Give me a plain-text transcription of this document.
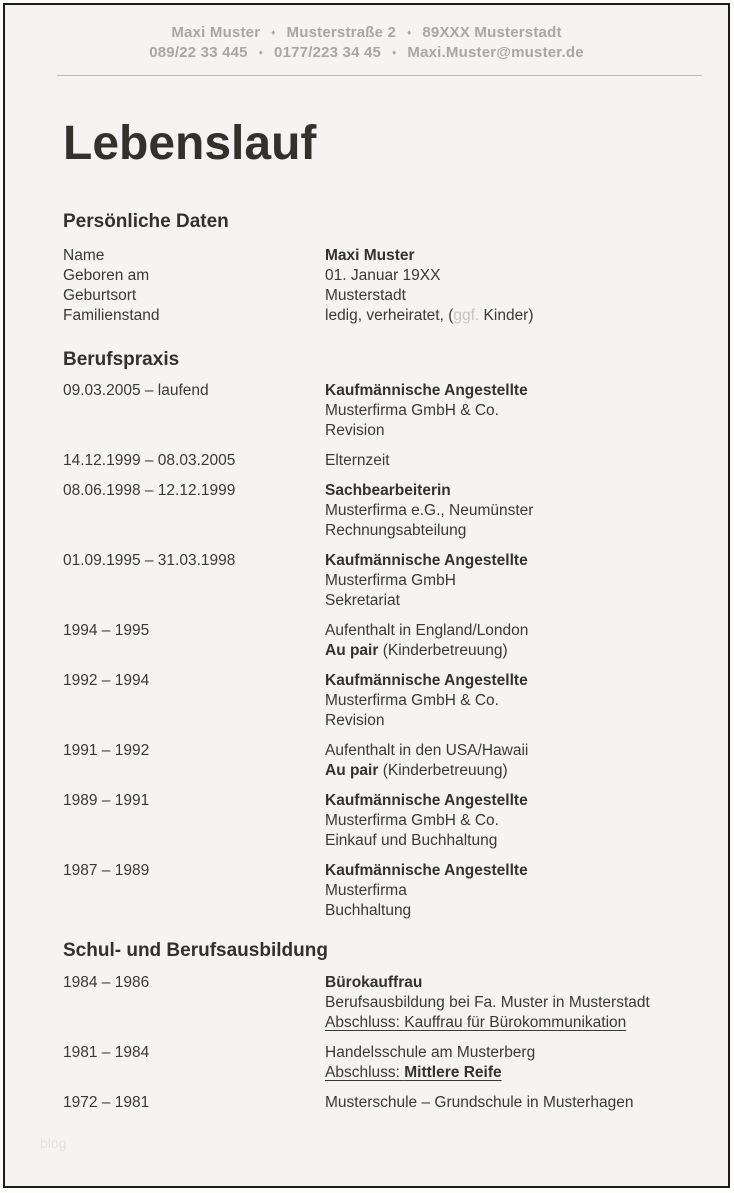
Maxi Muster ♦ Musterstraße 2 ♦ 89XXX Musterstadt
089/22 33 445 ♦ 0177/223 34 45 ♦ Maxi.Muster@muster.de
Lebenslauf
Persönliche Daten
Name	Maxi Muster
Geboren am	01. Januar 19XX
Geburtsort	Musterstadt
Familienstand	ledig, verheiratet, (ggf. Kinder)
Berufspraxis
09.03.2005 – laufend	Kaufmännische Angestellte
Musterfirma GmbH & Co.
Revision
14.12.1999 – 08.03.2005	Elternzeit
08.06.1998 – 12.12.1999	Sachbearbeiterin
Musterfirma e.G., Neumünster
Rechnungsabteilung
01.09.1995 – 31.03.1998	Kaufmännische Angestellte
Musterfirma GmbH
Sekretariat
1994 – 1995	Aufenthalt in England/London
Au pair (Kinderbetreuung)
1992 – 1994	Kaufmännische Angestellte
Musterfirma GmbH & Co.
Revision
1991 – 1992	Aufenthalt in den USA/Hawaii
Au pair (Kinderbetreuung)
1989 – 1991	Kaufmännische Angestellte
Musterfirma GmbH & Co.
Einkauf und Buchhaltung
1987 – 1989	Kaufmännische Angestellte
Musterfirma
Buchhaltung
Schul- und Berufsausbildung
1984 – 1986	Bürokauffrau
Berufsausbildung bei Fa. Muster in Musterstadt
Abschluss: Kauffrau für Bürokommunikation
1981 – 1984	Handelsschule am Musterberg
Abschluss: Mittlere Reife
1972 – 1981	Musterschule – Grundschule in Musterhagen
blog
